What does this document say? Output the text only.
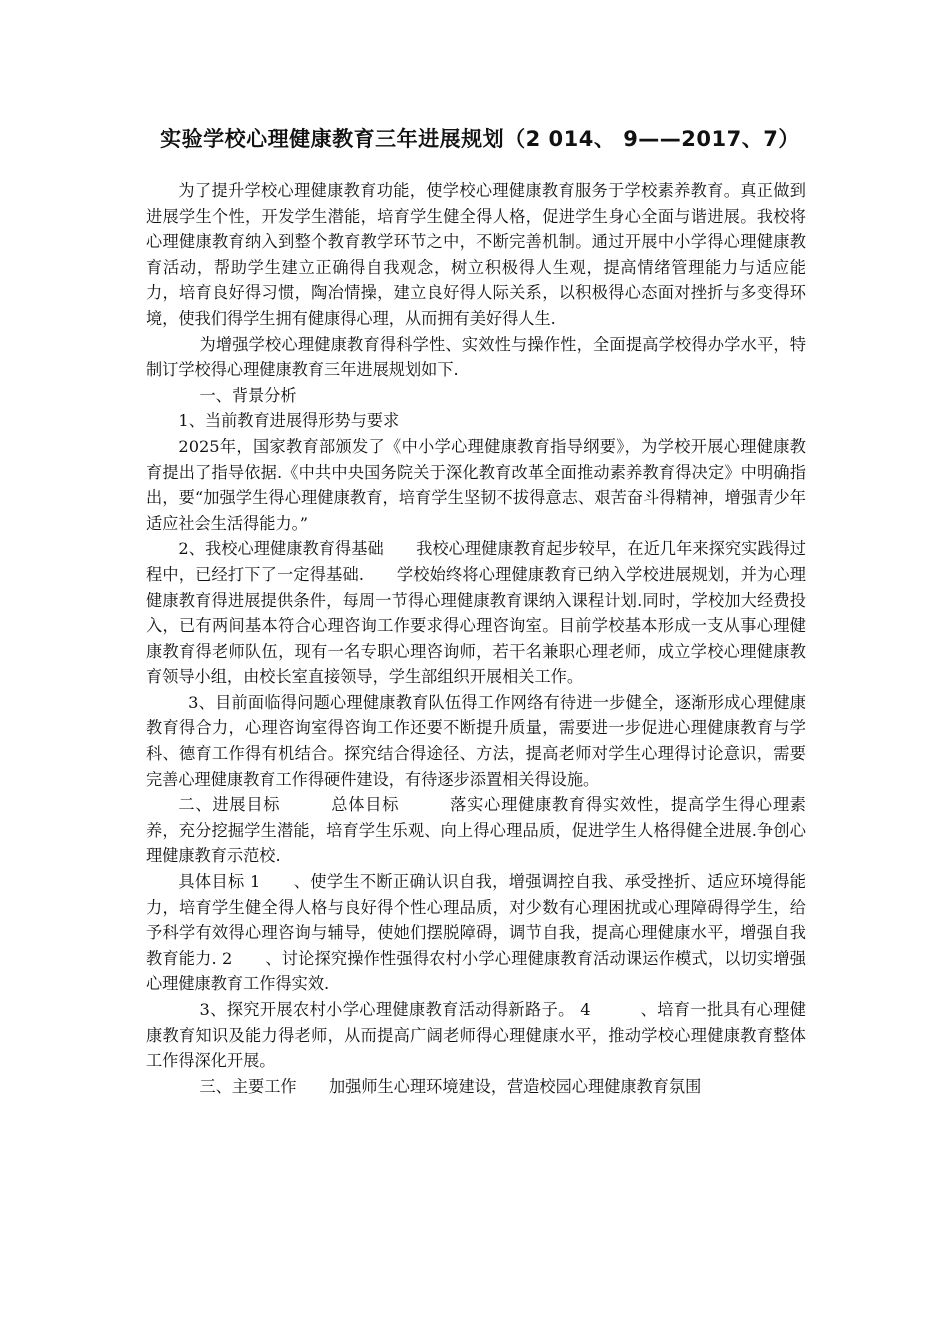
实验学校心理健康教育三年进展规划（2 014、 9——2017、7）

为了提升学校心理健康教育功能，使学校心理健康教育服务于学校素养教育。真正做到进展学生个性，开发学生潜能，培育学生健全得人格，促进学生身心全面与谐进展。我校将心理健康教育纳入到整个教育教学环节之中，不断完善机制。通过开展中小学得心理健康教育活动，帮助学生建立正确得自我观念，树立积极得人生观，提高情绪管理能力与适应能力，培育良好得习惯，陶冶情操，建立良好得人际关系，以积极得心态面对挫折与多变得环境，使我们得学生拥有健康得心理，从而拥有美好得人生.

为增强学校心理健康教育得科学性、实效性与操作性，全面提高学校得办学水平，特制订学校得心理健康教育三年进展规划如下.

一、背景分析

1、当前教育进展得形势与要求

2025年，国家教育部颁发了《中小学心理健康教育指导纲要》，为学校开展心理健康教育提出了指导依据.《中共中央国务院关于深化教育改革全面推动素养教育得决定》中明确指出，要“加强学生得心理健康教育，培育学生坚韧不拔得意志、艰苦奋斗得精神，增强青少年适应社会生活得能力。”

2、我校心理健康教育得基础　　我校心理健康教育起步较早，在近几年来探究实践得过程中，已经打下了一定得基础.　　学校始终将心理健康教育已纳入学校进展规划，并为心理健康教育得进展提供条件，每周一节得心理健康教育课纳入课程计划.同时，学校加大经费投入，已有两间基本符合心理咨询工作要求得心理咨询室。目前学校基本形成一支从事心理健康教育得老师队伍，现有一名专职心理咨询师，若干名兼职心理老师，成立学校心理健康教育领导小组，由校长室直接领导，学生部组织开展相关工作。

3、目前面临得问题心理健康教育队伍得工作网络有待进一步健全，逐渐形成心理健康教育得合力，心理咨询室得咨询工作还要不断提升质量，需要进一步促进心理健康教育与学科、德育工作得有机结合。探究结合得途径、方法，提高老师对学生心理得讨论意识，需要完善心理健康教育工作得硬件建设，有待逐步添置相关得设施。

二、进展目标　　　总体目标　　　落实心理健康教育得实效性，提高学生得心理素养，充分挖掘学生潜能，培育学生乐观、向上得心理品质，促进学生人格得健全进展.争创心理健康教育示范校.

具体目标 1　　、使学生不断正确认识自我，增强调控自我、承受挫折、适应环境得能力，培育学生健全得人格与良好得个性心理品质，对少数有心理困扰或心理障碍得学生，给予科学有效得心理咨询与辅导，使她们摆脱障碍，调节自我，提高心理健康水平，增强自我教育能力. 2　　、讨论探究操作性强得农村小学心理健康教育活动课运作模式，以切实增强心理健康教育工作得实效.

3、探究开展农村小学心理健康教育活动得新路子。 4　　　、培育一批具有心理健康教育知识及能力得老师，从而提高广阔老师得心理健康水平，推动学校心理健康教育整体工作得深化开展。

三、主要工作　　加强师生心理环境建设，营造校园心理健康教育氛围
